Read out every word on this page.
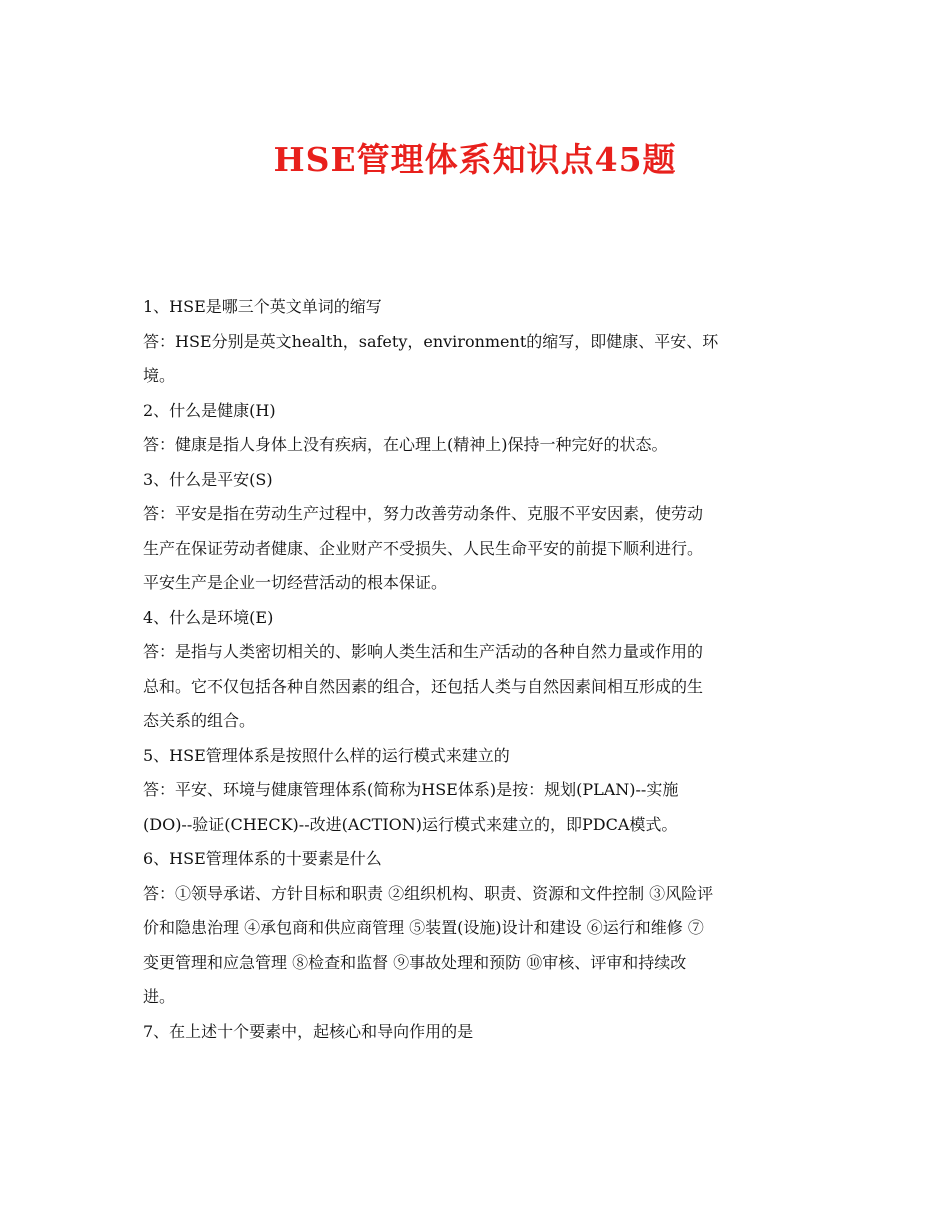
HSE管理体系知识点45题

1、HSE是哪三个英文单词的缩写

答：HSE分别是英文health，safety，environment的缩写，即健康、平安、环

境。

2、什么是健康(H)

答：健康是指人身体上没有疾病，在心理上(精神上)保持一种完好的状态。

3、什么是平安(S)

答：平安是指在劳动生产过程中，努力改善劳动条件、克服不平安因素，使劳动

生产在保证劳动者健康、企业财产不受损失、人民生命平安的前提下顺利进行。

平安生产是企业一切经营活动的根本保证。

4、什么是环境(E)

答：是指与人类密切相关的、影响人类生活和生产活动的各种自然力量或作用的

总和。它不仅包括各种自然因素的组合，还包括人类与自然因素间相互形成的生

态关系的组合。

5、HSE管理体系是按照什么样的运行模式来建立的

答：平安、环境与健康管理体系(简称为HSE体系)是按：规划(PLAN)--实施

(DO)--验证(CHECK)--改进(ACTION)运行模式来建立的，即PDCA模式。

6、HSE管理体系的十要素是什么

答：①领导承诺、方针目标和职责 ②组织机构、职责、资源和文件控制 ③风险评

价和隐患治理 ④承包商和供应商管理 ⑤装置(设施)设计和建设 ⑥运行和维修 ⑦

变更管理和应急管理 ⑧检查和监督 ⑨事故处理和预防 ⑩审核、评审和持续改

进。

7、在上述十个要素中，起核心和导向作用的是
